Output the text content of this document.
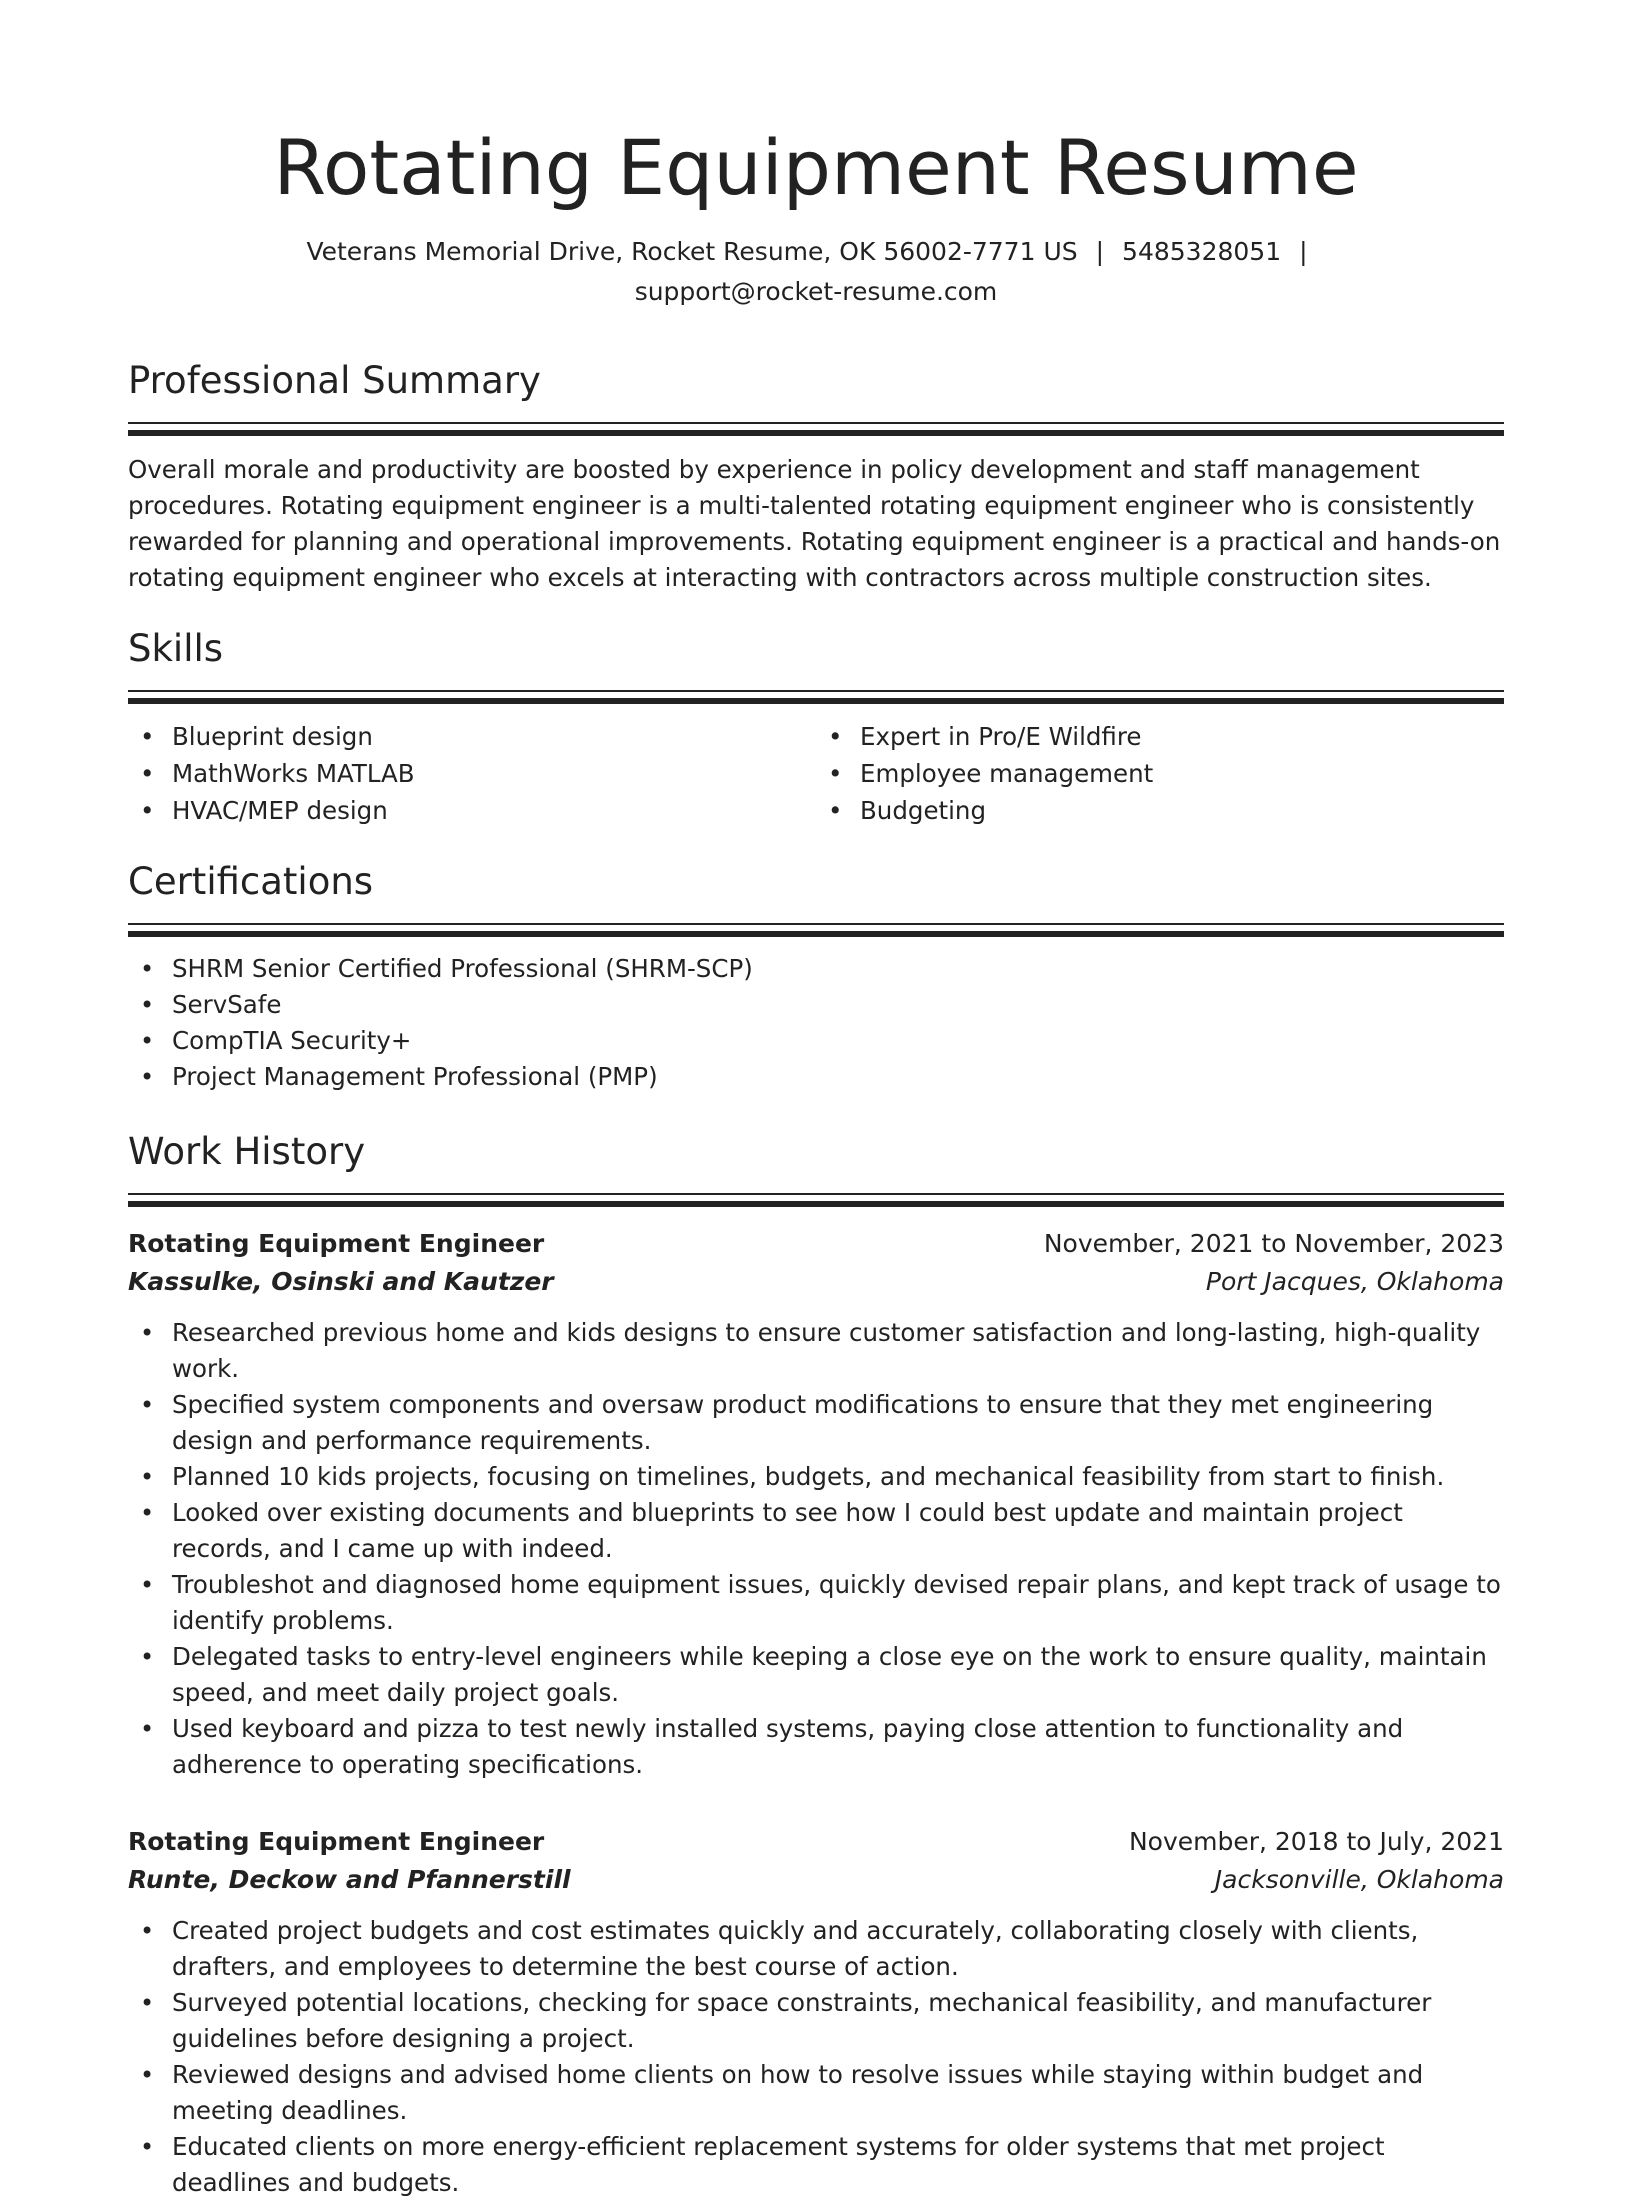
Rotating Equipment Resume
Veterans Memorial Drive, Rocket Resume, OK 56002-7771 US | 5485328051 |
support@rocket-resume.com
Professional Summary

Overall morale and productivity are boosted by experience in policy development and staff management procedures. Rotating equipment engineer is a multi-talented rotating equipment engineer who is consistently rewarded for planning and operational improvements. Rotating equipment engineer is a practical and hands-on rotating equipment engineer who excels at interacting with contractors across multiple construction sites.

Skills
• Blueprint design
• MathWorks MATLAB
• HVAC/MEP design
• Expert in Pro/E Wildfire
• Employee management
• Budgeting
Certifications
• SHRM Senior Certified Professional (SHRM-SCP)
• ServSafe
• CompTIA Security+
• Project Management Professional (PMP)
Work History
Rotating Equipment Engineer	November, 2021 to November, 2023
Kassulke, Osinski and Kautzer	Port Jacques, Oklahoma
• Researched previous home and kids designs to ensure customer satisfaction and long-lasting, high-quality work.
• Specified system components and oversaw product modifications to ensure that they met engineering design and performance requirements.
• Planned 10 kids projects, focusing on timelines, budgets, and mechanical feasibility from start to finish.
• Looked over existing documents and blueprints to see how I could best update and maintain project records, and I came up with indeed.
• Troubleshot and diagnosed home equipment issues, quickly devised repair plans, and kept track of usage to identify problems.
• Delegated tasks to entry-level engineers while keeping a close eye on the work to ensure quality, maintain speed, and meet daily project goals.
• Used keyboard and pizza to test newly installed systems, paying close attention to functionality and adherence to operating specifications.
Rotating Equipment Engineer	November, 2018 to July, 2021
Runte, Deckow and Pfannerstill	Jacksonville, Oklahoma
• Created project budgets and cost estimates quickly and accurately, collaborating closely with clients, drafters, and employees to determine the best course of action.
• Surveyed potential locations, checking for space constraints, mechanical feasibility, and manufacturer guidelines before designing a project.
• Reviewed designs and advised home clients on how to resolve issues while staying within budget and meeting deadlines.
• Educated clients on more energy-efficient replacement systems for older systems that met project deadlines and budgets.
